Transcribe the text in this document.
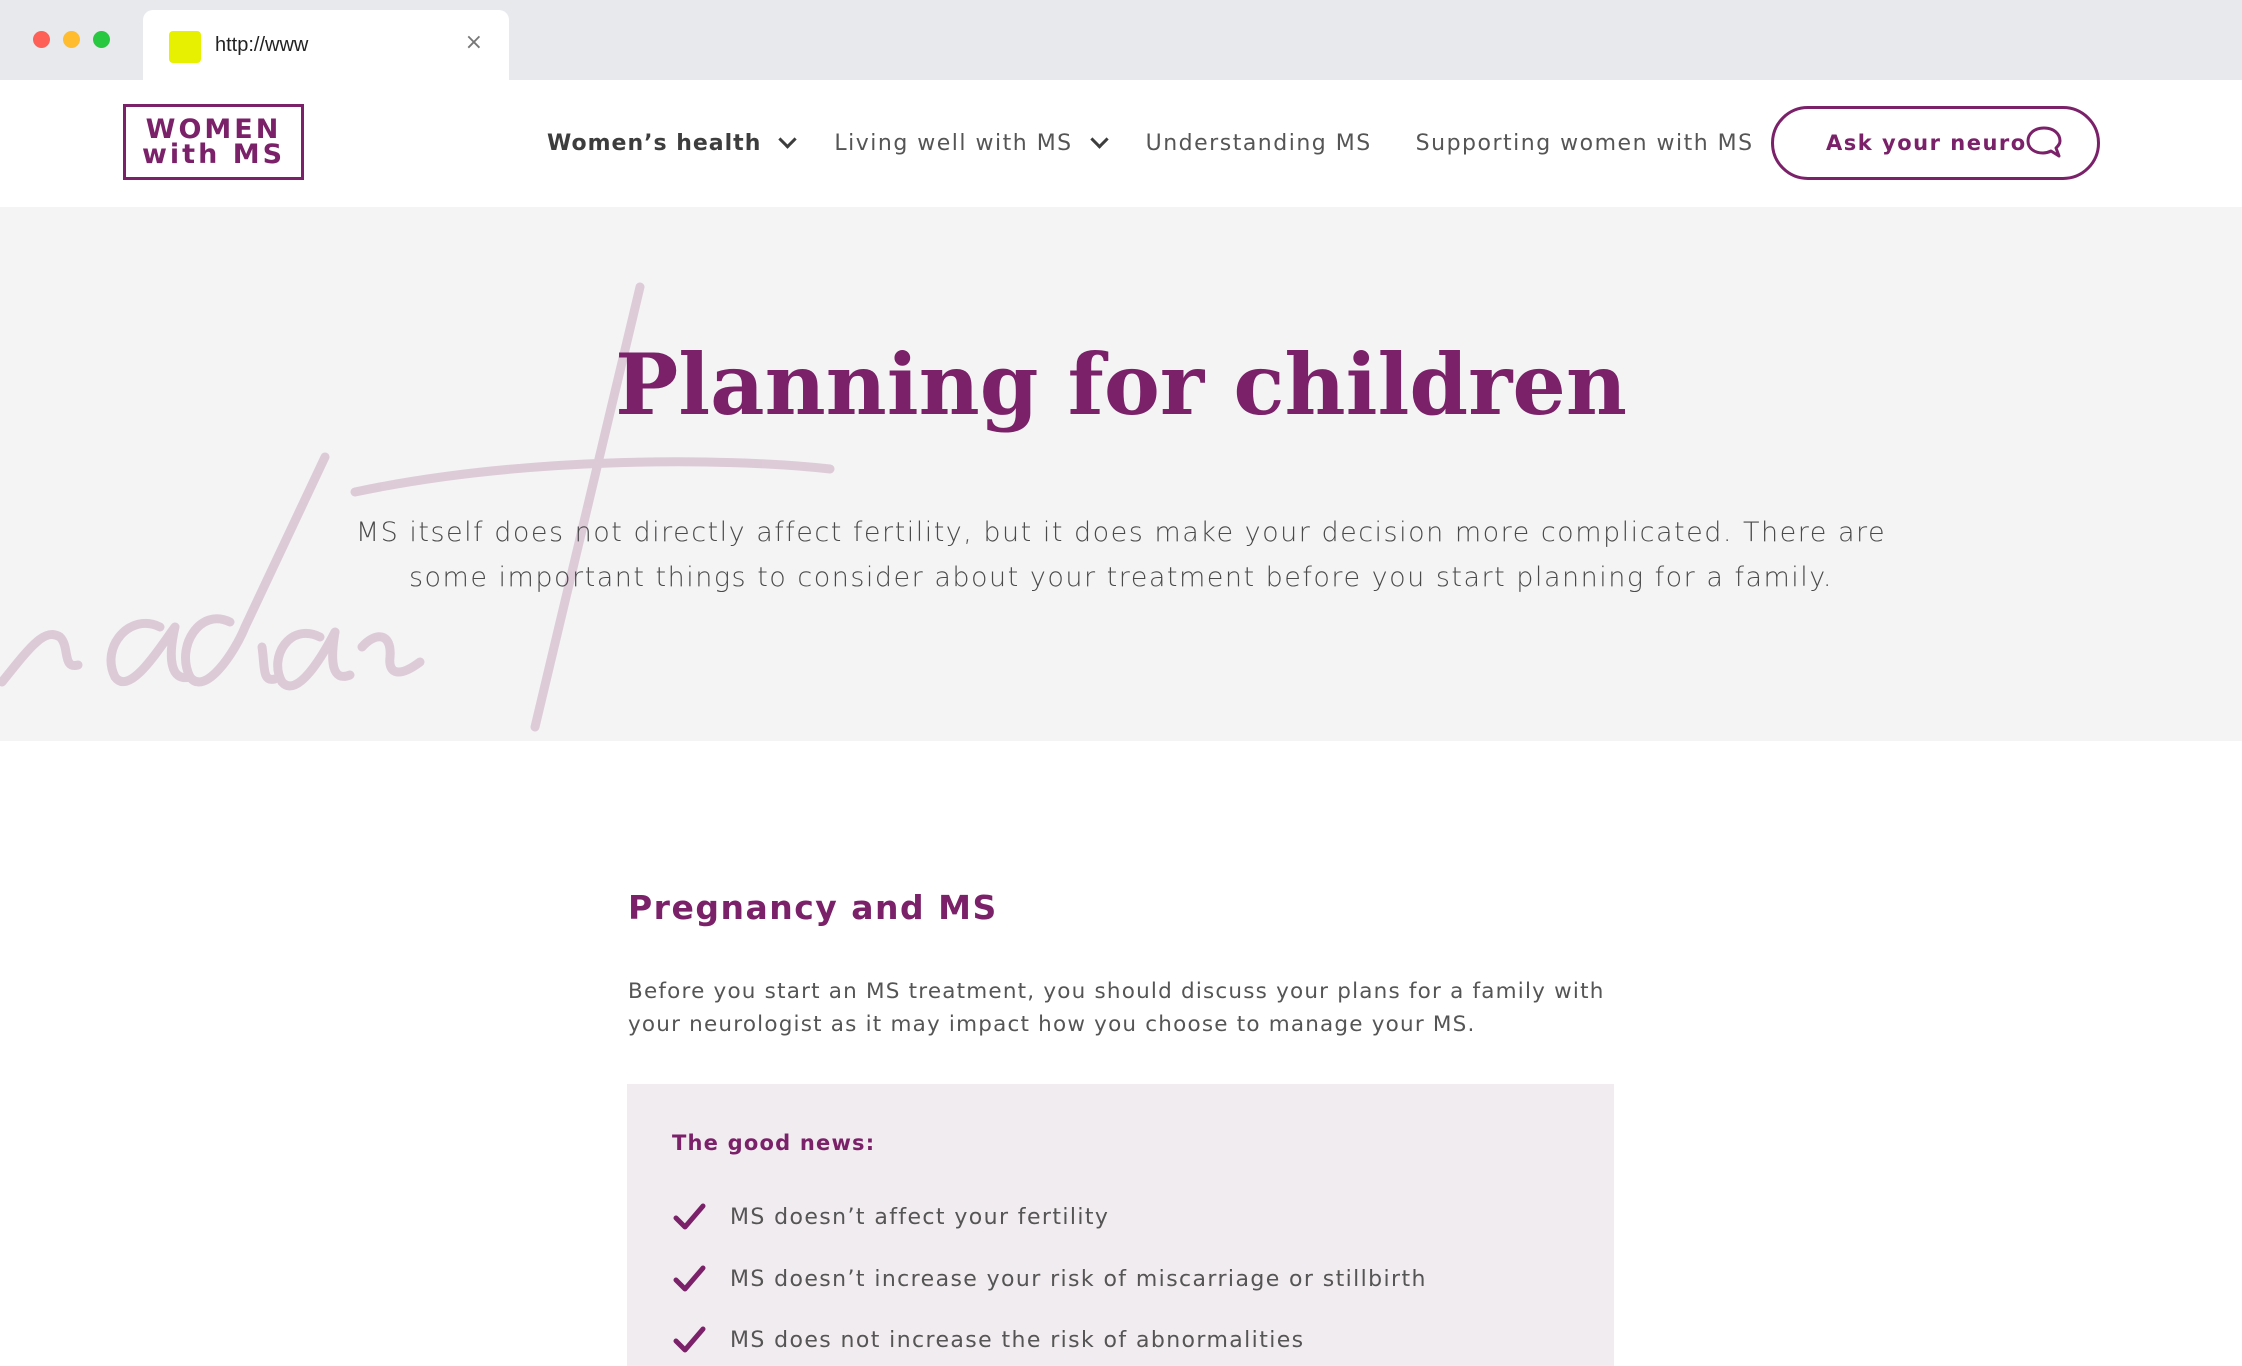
http://www	×
WOMEN
with MS	Women’s health	Living well with MS	Understanding MS Supporting women with MS	Ask your neuro
Planning for children

MS itself does not directly affect fertility, but it does make your decision more complicated. There are some important things to consider about your treatment before you start planning for a family.

Pregnancy and MS

Before you start an MS treatment, you should discuss your plans for a family with your neurologist as it may impact how you choose to manage your MS.

The good news:
MS doesn’t affect your fertility
MS doesn’t increase your risk of miscarriage or stillbirth
MS does not increase the risk of abnormalities
